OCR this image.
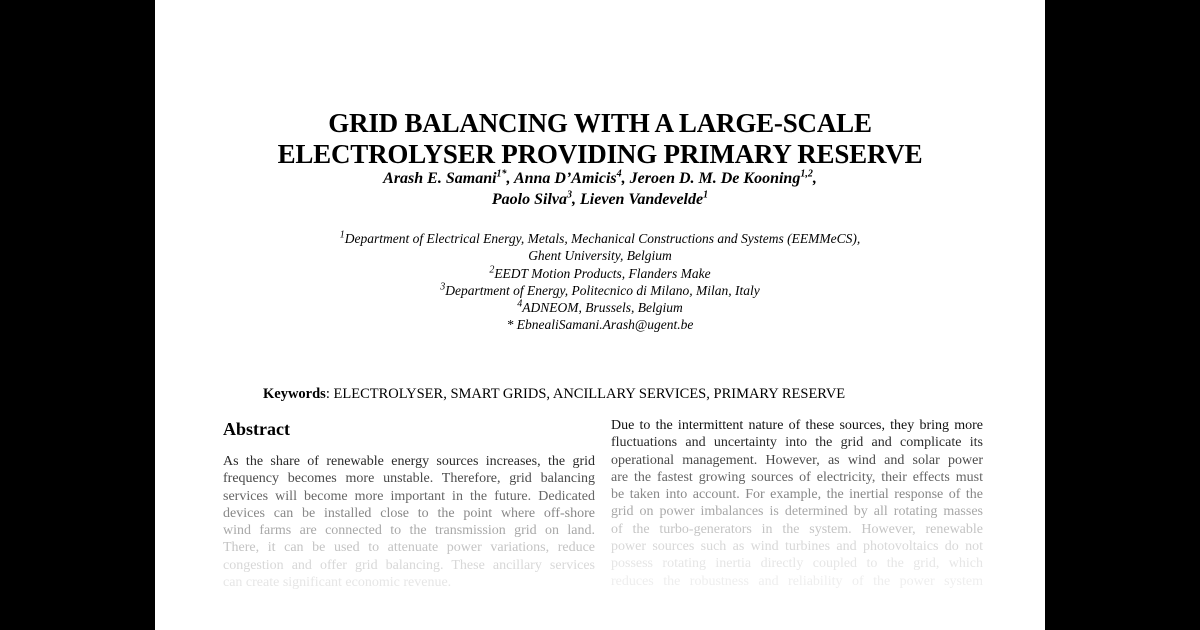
GRID BALANCING WITH A LARGE-SCALE
ELECTROLYSER PROVIDING PRIMARY RESERVE
Arash E. Samani$^{1*}$, Anna D’Amicis$^4$, Jeroen D. M. De Kooning$^{1,2}$,
Paolo Silva$^3$, Lieven Vandevelde$^1$
$^1$Department of Electrical Energy, Metals, Mechanical Constructions and Systems (EEMMeCS),
Ghent University, Belgium
$^2$EEDT Motion Products, Flanders Make
$^3$Department of Energy, Politecnico di Milano, Milan, Italy
$^4$ADNEOM, Brussels, Belgium
* EbnealiSamani.Arash@ugent.be
Keywords: ELECTROLYSER, SMART GRIDS, ANCILLARY SERVICES, PRIMARY RESERVE
Abstract
As the share of renewable energy sources increases, the grid
frequency becomes more unstable. Therefore, grid balancing
services will become more important in the future. Dedicated
devices can be installed close to the point where off-shore
wind farms are connected to the transmission grid on land.
There, it can be used to attenuate power variations, reduce
congestion and offer grid balancing. These ancillary services
can create significant economic revenue.
Due to the intermittent nature of these sources, they bring more
fluctuations and uncertainty into the grid and complicate its
operational management. However, as wind and solar power
are the fastest growing sources of electricity, their effects must
be taken into account. For example, the inertial response of the
grid on power imbalances is determined by all rotating masses
of the turbo-generators in the system. However, renewable
power sources such as wind turbines and photovoltaics do not
possess rotating inertia directly coupled to the grid, which
reduces the robustness and reliability of the power system
